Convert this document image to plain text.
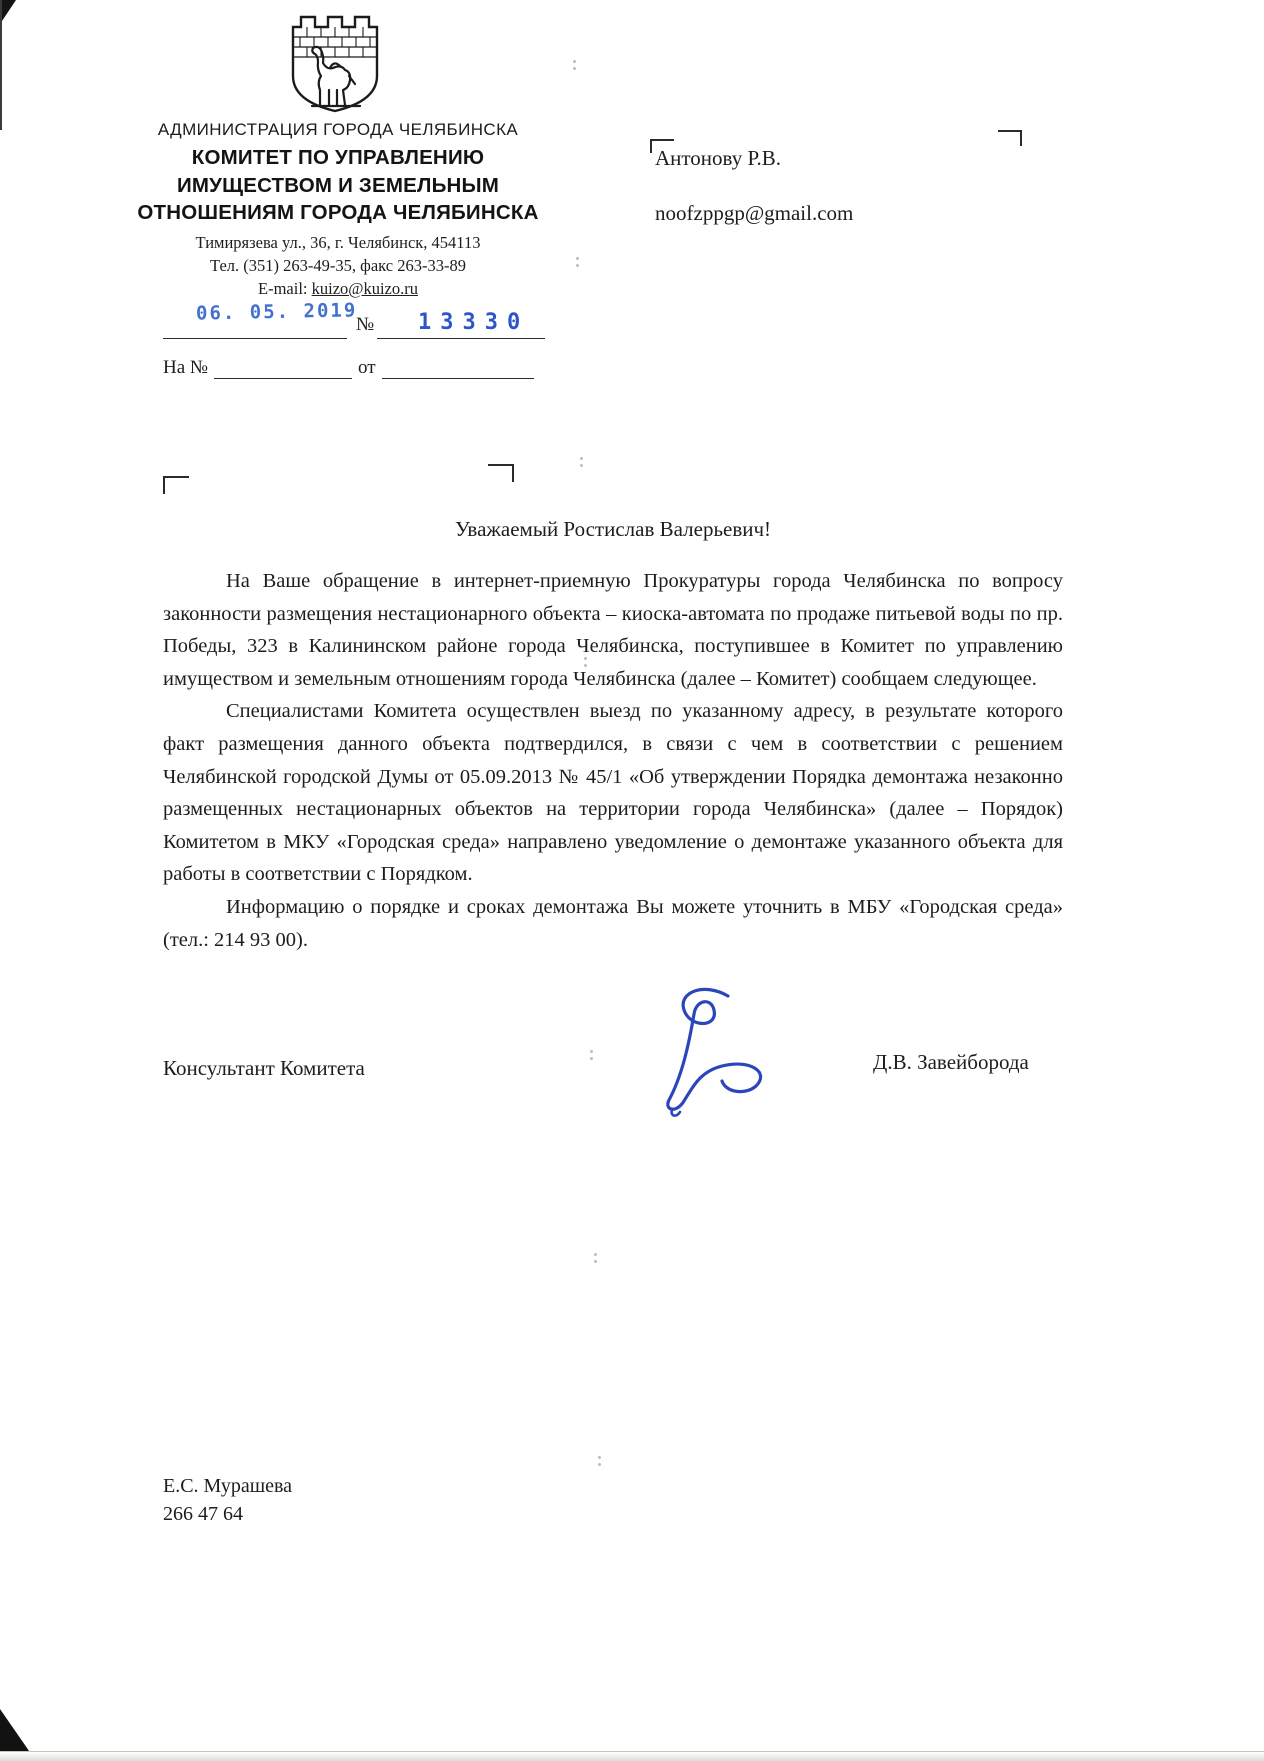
АДМИНИСТРАЦИЯ ГОРОДА ЧЕЛЯБИНСКА
КОМИТЕТ ПО УПРАВЛЕНИЮ
ИМУЩЕСТВОМ И ЗЕМЕЛЬНЫМ
ОТНОШЕНИЯМ ГОРОДА ЧЕЛЯБИНСКА
Тимирязева ул., 36, г. Челябинск, 454113
Тел. (351) 263-49-35, факс 263-33-89
E-mail: kuizo@kuizo.ru
06. 05. 2019
№ 13330
На №	от
Антонову Р.В.
noofzppgp@gmail.com
Уважаемый Ростислав Валерьевич!

На Ваше обращение в интернет-приемную Прокуратуры города Челябинска по вопросу законности размещения нестационарного объекта – киоска-автомата по продаже питьевой воды по пр. Победы, 323 в Калининском районе города Челябинска, поступившее в Комитет по управлению имуществом и земельным отношениям города Челябинска (далее – Комитет) сообщаем следующее.

Специалистами Комитета осуществлен выезд по указанному адресу, в результате которого факт размещения данного объекта подтвердился, в связи с чем в соответствии с решением Челябинской городской Думы от 05.09.2013 № 45/1 «Об утверждении Порядка демонтажа незаконно размещенных нестационарных объектов на территории города Челябинска» (далее – Порядок) Комитетом в МКУ «Городская среда» направлено уведомление о демонтаже указанного объекта для работы в соответствии с Порядком.

Информацию о порядке и сроках демонтажа Вы можете уточнить в МБУ «Городская среда» (тел.: 214 93 00).

Консультант Комитета	Д.В. Завейборода
Е.С. Мурашева
266 47 64
